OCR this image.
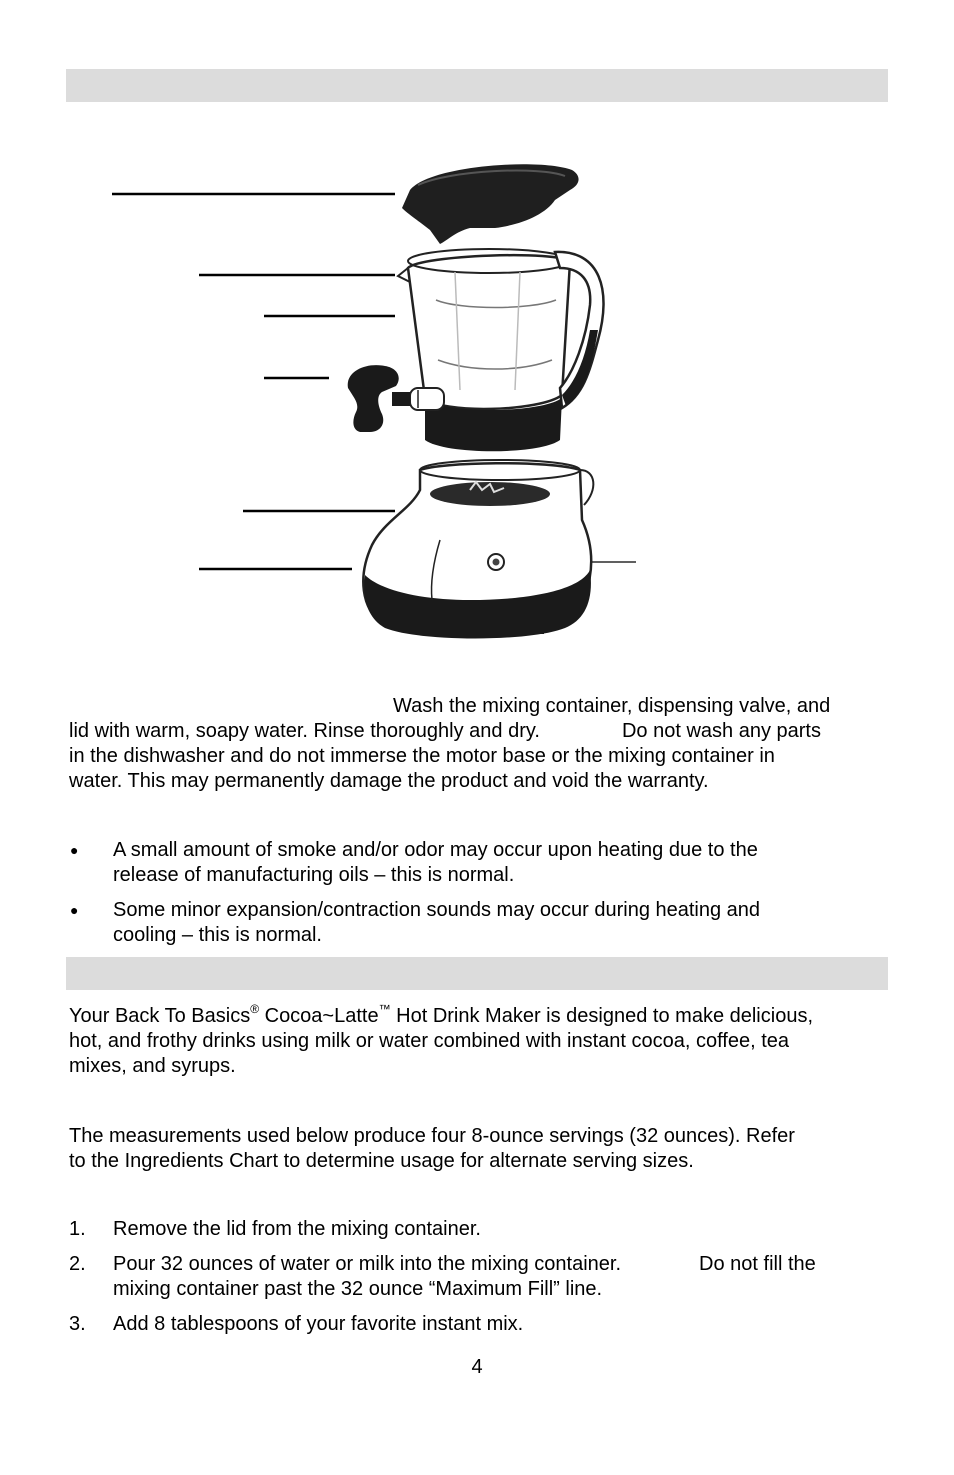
Wash the mixing container, dispensing valve, and
lid with warm, soapy water. Rinse thoroughly and dry.	Do not wash any parts
in the dishwasher and do not immerse the motor base or the mixing container in
water. This may permanently damage the product and void the warranty.

● A small amount of smoke and/or odor may occur upon heating due to the
release of manufacturing oils – this is normal.
● Some minor expansion/contraction sounds may occur during heating and
cooling – this is normal.

Your Back To Basics® Cocoa~Latte™ Hot Drink Maker is designed to make delicious,
hot, and frothy drinks using milk or water combined with instant cocoa, coffee, tea
mixes, and syrups.

The measurements used below produce four 8-ounce servings (32 ounces). Refer
to the Ingredients Chart to determine usage for alternate serving sizes.

1. Remove the lid from the mixing container.
2. Pour 32 ounces of water or milk into the mixing container.	Do not fill the
mixing container past the 32 ounce “Maximum Fill” line.
3. Add 8 tablespoons of your favorite instant mix.
4
